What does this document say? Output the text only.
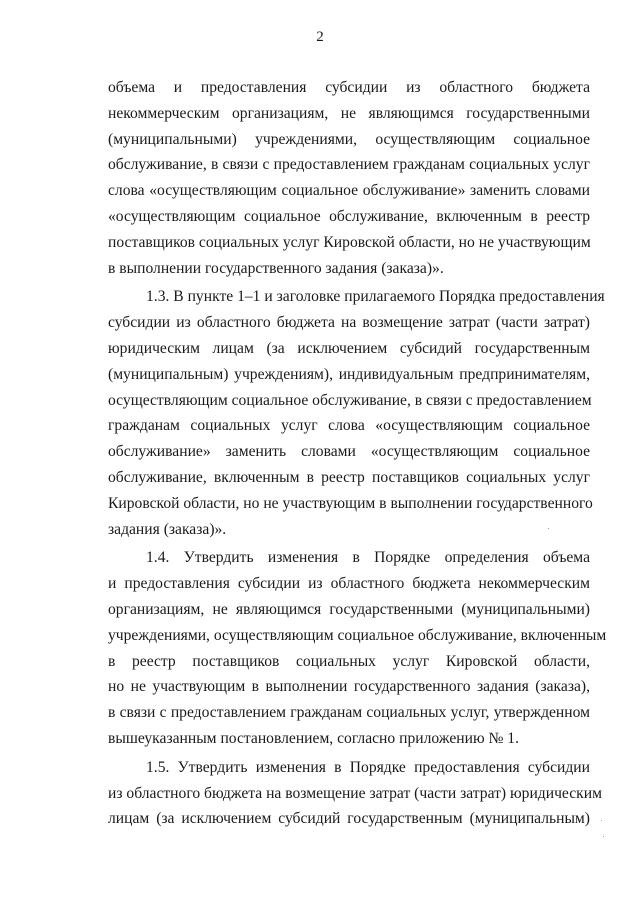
2

объема и предоставления субсидии из областного бюджета
некоммерческим организациям, не являющимся государственными
(муниципальными) учреждениями, осуществляющим социальное
обслуживание, в связи с предоставлением гражданам социальных услуг
слова «осуществляющим социальное обслуживание» заменить словами
«осуществляющим социальное обслуживание, включенным в реестр
поставщиков социальных услуг Кировской области, но не участвующим
в выполнении государственного задания (заказа)».

1.3. В пункте 1–1 и заголовке прилагаемого Порядка предоставления
субсидии из областного бюджета на возмещение затрат (части затрат)
юридическим лицам (за исключением субсидий государственным
(муниципальным) учреждениям), индивидуальным предпринимателям,
осуществляющим социальное обслуживание, в связи с предоставлением
гражданам социальных услуг слова «осуществляющим социальное
обслуживание» заменить словами «осуществляющим социальное
обслуживание, включенным в реестр поставщиков социальных услуг
Кировской области, но не участвующим в выполнении государственного
задания (заказа)».

1.4. Утвердить изменения в Порядке определения объема
и предоставления субсидии из областного бюджета некоммерческим
организациям, не являющимся государственными (муниципальными)
учреждениями, осуществляющим социальное обслуживание, включенным
в реестр поставщиков социальных услуг Кировской области,
но не участвующим в выполнении государственного задания (заказа),
в связи с предоставлением гражданам социальных услуг, утвержденном
вышеуказанным постановлением, согласно приложению № 1.

1.5. Утвердить изменения в Порядке предоставления субсидии
из областного бюджета на возмещение затрат (части затрат) юридическим
лицам (за исключением субсидий государственным (муниципальным)
